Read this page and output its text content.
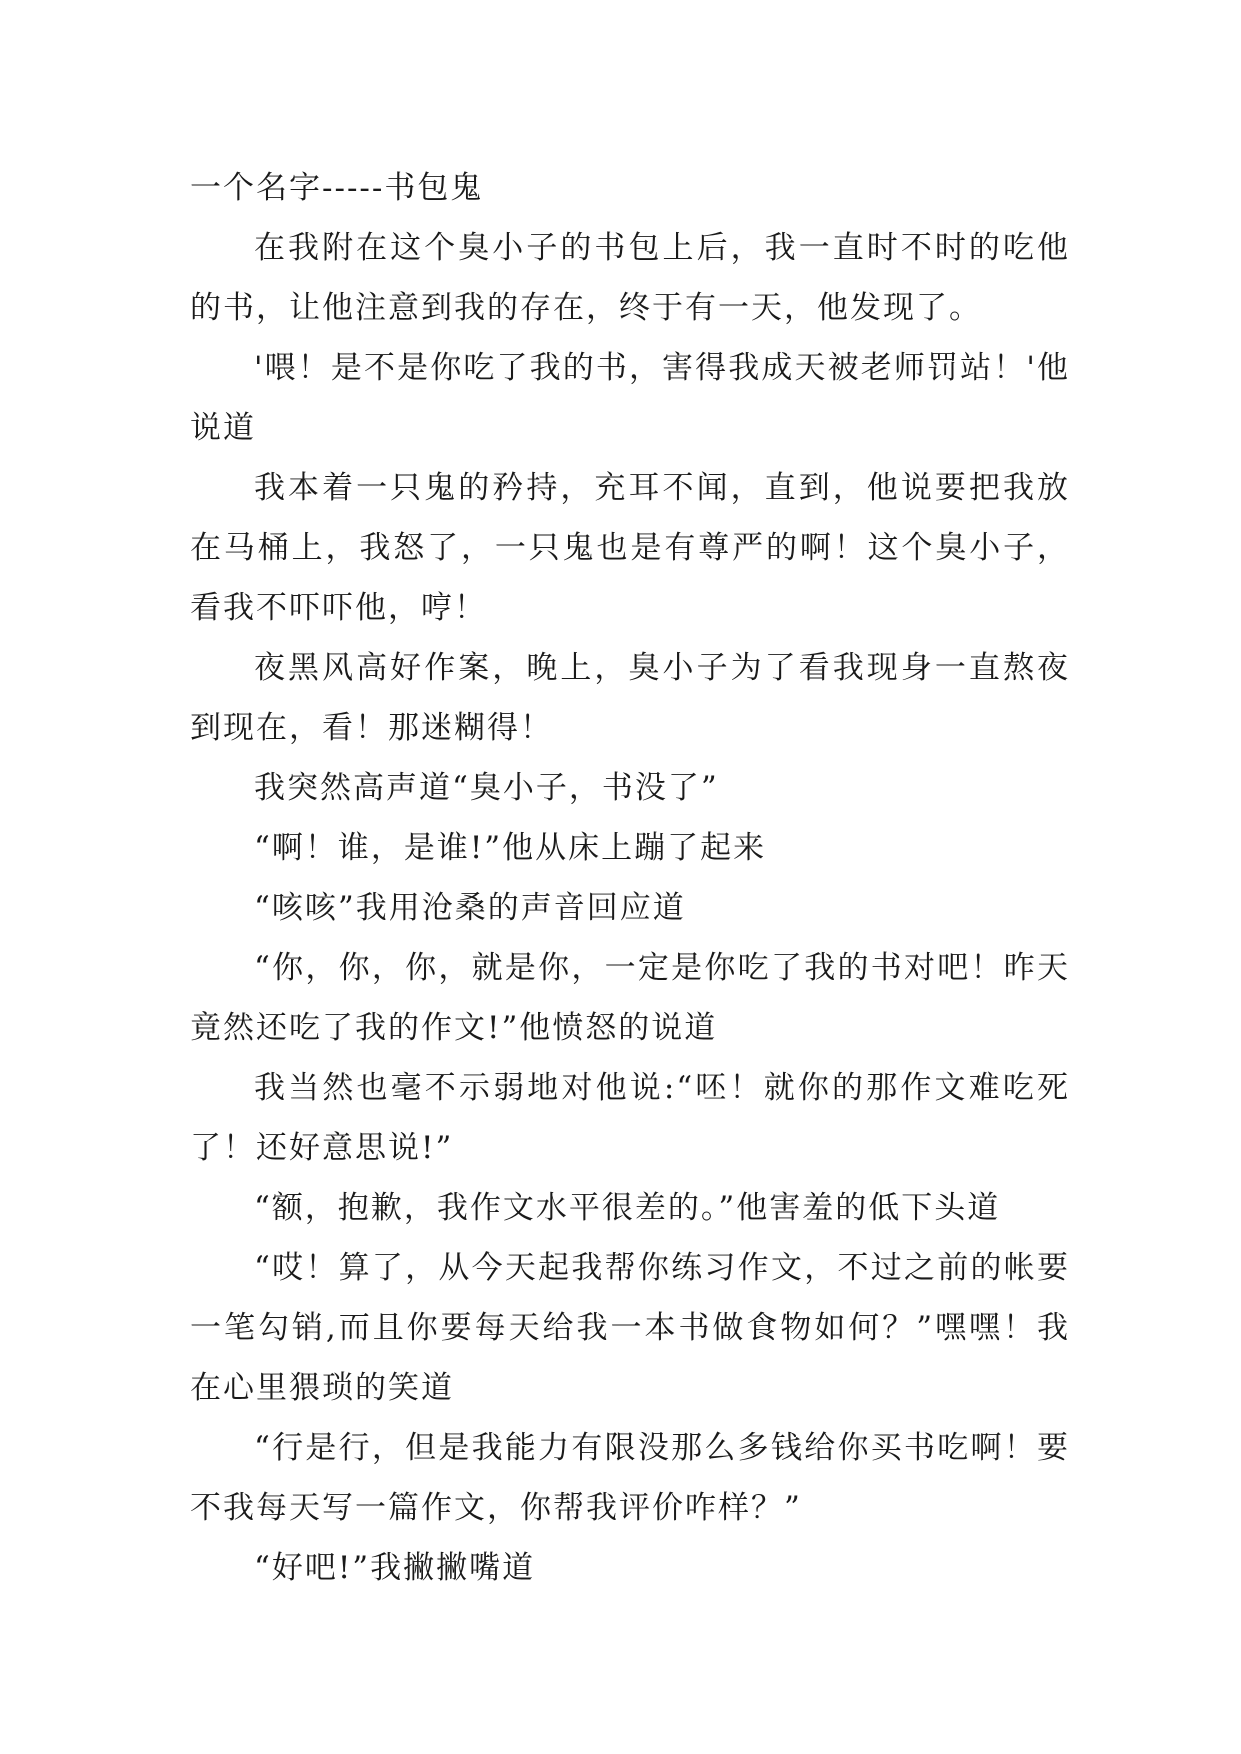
一个名字-----书包鬼

在我附在这个臭小子的书包上后，我一直时不时的吃他的书，让他注意到我的存在，终于有一天，他发现了。

'喂！是不是你吃了我的书，害得我成天被老师罚站！'他说道

我本着一只鬼的矜持，充耳不闻，直到，他说要把我放在马桶上，我怒了，一只鬼也是有尊严的啊！这个臭小子，看我不吓吓他，哼！

夜黑风高好作案，晚上，臭小子为了看我现身一直熬夜到现在，看！那迷糊得！

我突然高声道“臭小子，书没了”

“啊！谁，是谁!”他从床上蹦了起来

“咳咳”我用沧桑的声音回应道

“你，你，你，就是你，一定是你吃了我的书对吧！昨天竟然还吃了我的作文!”他愤怒的说道

我当然也毫不示弱地对他说:“呸！就你的那作文难吃死了！还好意思说!”

“额，抱歉，我作文水平很差的。”他害羞的低下头道

“哎！算了，从今天起我帮你练习作文，不过之前的帐要一笔勾销,而且你要每天给我一本书做食物如何？”嘿嘿！我在心里猥琐的笑道

“行是行，但是我能力有限没那么多钱给你买书吃啊！要不我每天写一篇作文，你帮我评价咋样？”

“好吧!”我撇撇嘴道
